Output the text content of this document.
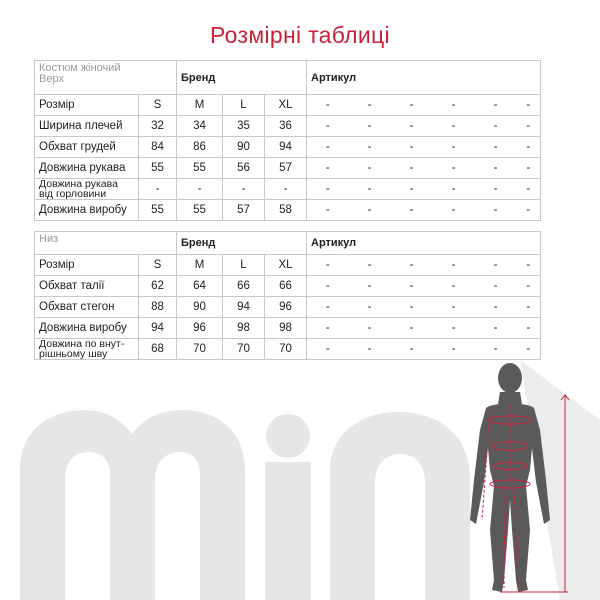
Розмірні таблиці
Костюм жіночий
Верх		Бренд			Артикул					
Розмір	S	M	L	XL	-	-	-	-	-	-
Ширина плечей	32	34	35	36	-	-	-	-	-	-
Обхват грудей	84	86	90	94	-	-	-	-	-	-
Довжина рукава	55	55	56	57	-	-	-	-	-	-

Довжина рукава
від горловини	-	-	-	-	-	-	-	-	-	-
Довжина виробу	55	55	57	58	-	-	-	-	-	-
Низ		Бренд			Артикул					
Розмір	S	M	L	XL	-	-	-	-	-	-
Обхват талії	62	64	66	66	-	-	-	-	-	-
Обхват стегон	88	90	94	96	-	-	-	-	-	-
Довжина виробу	94	96	98	98	-	-	-	-	-	-

Довжина по внут-
рішньому шву	68	70	70	70	-	-	-	-	-	-
